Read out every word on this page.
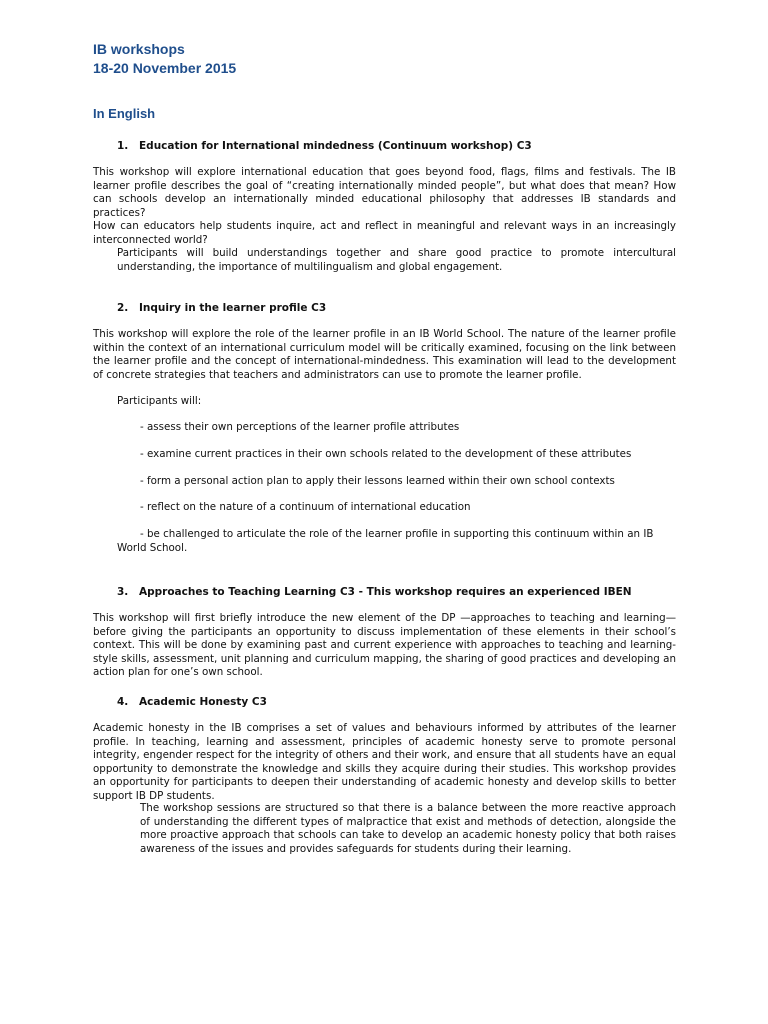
IB workshops
18-20 November 2015
In English
1. Education for International mindedness (Continuum workshop) C3
This workshop will explore international education that goes beyond food, flags, films and festivals. The IB learner profile describes the goal of “creating internationally minded people”, but what does that mean? How can schools develop an internationally minded educational philosophy that addresses IB standards and practices?
How can educators help students inquire, act and reflect in meaningful and relevant ways in an increasingly interconnected world?
Participants will build understandings together and share good practice to promote intercultural understanding, the importance of multilingualism and global engagement.
2. Inquiry in the learner profile C3
This workshop will explore the role of the learner profile in an IB World School. The nature of the learner profile within the context of an international curriculum model will be critically examined, focusing on the link between the learner profile and the concept of international-mindedness. This examination will lead to the development of concrete strategies that teachers and administrators can use to promote the learner profile.
Participants will:
- assess their own perceptions of the learner profile attributes
- examine current practices in their own schools related to the development of these attributes
- form a personal action plan to apply their lessons learned within their own school contexts
- reflect on the nature of a continuum of international education
- be challenged to articulate the role of the learner profile in supporting this continuum within an IB World School.
3. Approaches to Teaching Learning C3 - This workshop requires an experienced IBEN
This workshop will first briefly introduce the new element of the DP —approaches to teaching and learning— before giving the participants an opportunity to discuss implementation of these elements in their school’s context. This will be done by examining past and current experience with approaches to teaching and learning-style skills, assessment, unit planning and curriculum mapping, the sharing of good practices and developing an action plan for one’s own school.
4. Academic Honesty C3
Academic honesty in the IB comprises a set of values and behaviours informed by attributes of the learner profile. In teaching, learning and assessment, principles of academic honesty serve to promote personal integrity, engender respect for the integrity of others and their work, and ensure that all students have an equal opportunity to demonstrate the knowledge and skills they acquire during their studies. This workshop provides an opportunity for participants to deepen their understanding of academic honesty and develop skills to better support IB DP students.
The workshop sessions are structured so that there is a balance between the more reactive approach of understanding the different types of malpractice that exist and methods of detection, alongside the more proactive approach that schools can take to develop an academic honesty policy that both raises awareness of the issues and provides safeguards for students during their learning.
